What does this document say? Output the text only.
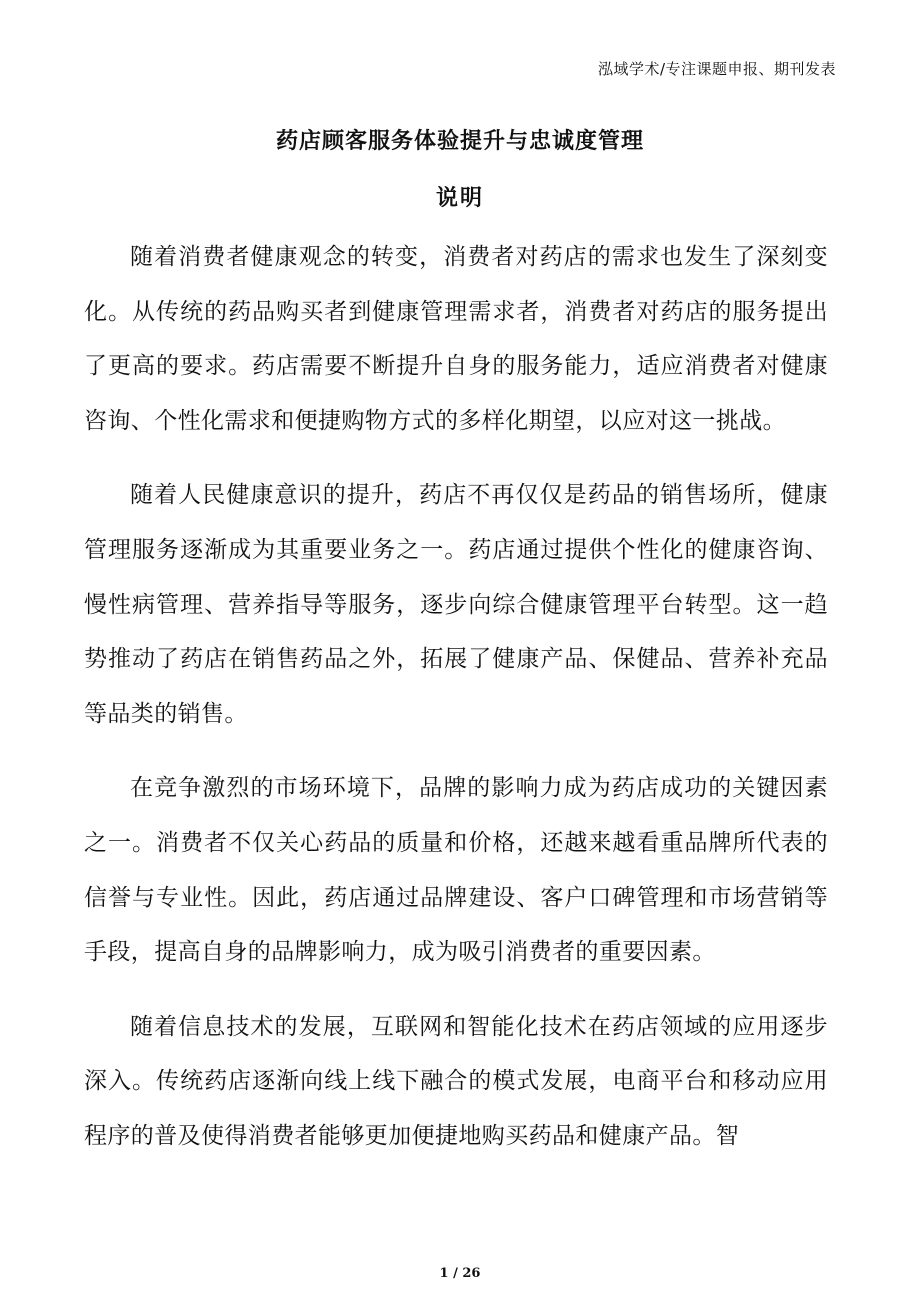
泓域学术/专注课题申报、期刊发表
药店顾客服务体验提升与忠诚度管理
说明

随着消费者健康观念的转变，消费者对药店的需求也发生了深刻变化。从传统的药品购买者到健康管理需求者，消费者对药店的服务提出了更高的要求。药店需要不断提升自身的服务能力，适应消费者对健康咨询、个性化需求和便捷购物方式的多样化期望，以应对这一挑战。

随着人民健康意识的提升，药店不再仅仅是药品的销售场所，健康管理服务逐渐成为其重要业务之一。药店通过提供个性化的健康咨询、慢性病管理、营养指导等服务，逐步向综合健康管理平台转型。这一趋势推动了药店在销售药品之外，拓展了健康产品、保健品、营养补充品等品类的销售。

在竞争激烈的市场环境下，品牌的影响力成为药店成功的关键因素之一。消费者不仅关心药品的质量和价格，还越来越看重品牌所代表的信誉与专业性。因此，药店通过品牌建设、客户口碑管理和市场营销等手段，提高自身的品牌影响力，成为吸引消费者的重要因素。

随着信息技术的发展，互联网和智能化技术在药店领域的应用逐步深入。传统药店逐渐向线上线下融合的模式发展，电商平台和移动应用程序的普及使得消费者能够更加便捷地购买药品和健康产品。智

1 / 26
